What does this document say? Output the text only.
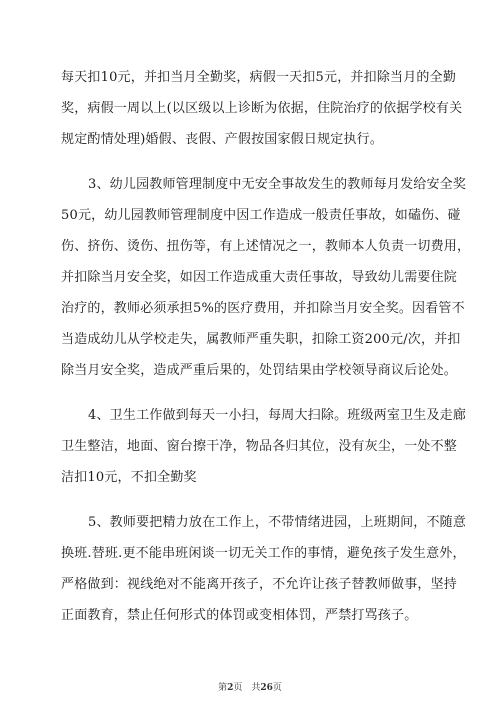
每天扣10元，并扣当月全勤奖，病假一天扣5元，并扣除当月的全勤
奖，病假一周以上(以区级以上诊断为依据，住院治疗的依据学校有关
规定酌情处理)婚假、丧假、产假按国家假日规定执行。
3、幼儿园教师管理制度中无安全事故发生的教师每月发给安全奖
50元，幼儿园教师管理制度中因工作造成一般责任事故，如磕伤、碰
伤、挤伤、烫伤、扭伤等，有上述情况之一，教师本人负责一切费用，
并扣除当月安全奖，如因工作造成重大责任事故，导致幼儿需要住院
治疗的，教师必须承担5%的医疗费用，并扣除当月安全奖。因看管不
当造成幼儿从学校走失，属教师严重失职，扣除工资200元/次，并扣
除当月安全奖，造成严重后果的，处罚结果由学校领导商议后论处。
4、卫生工作做到每天一小扫，每周大扫除。班级两室卫生及走廊
卫生整洁，地面、窗台擦干净，物品各归其位，没有灰尘，一处不整
洁扣10元，不扣全勤奖
5、教师要把精力放在工作上，不带情绪进园，上班期间，不随意
换班.替班.更不能串班闲谈一切无关工作的事情，避免孩子发生意外，
严格做到：视线绝对不能离开孩子，不允许让孩子替教师做事，坚持
正面教育，禁止任何形式的体罚或变相体罚，严禁打骂孩子。
第2页　共26页
